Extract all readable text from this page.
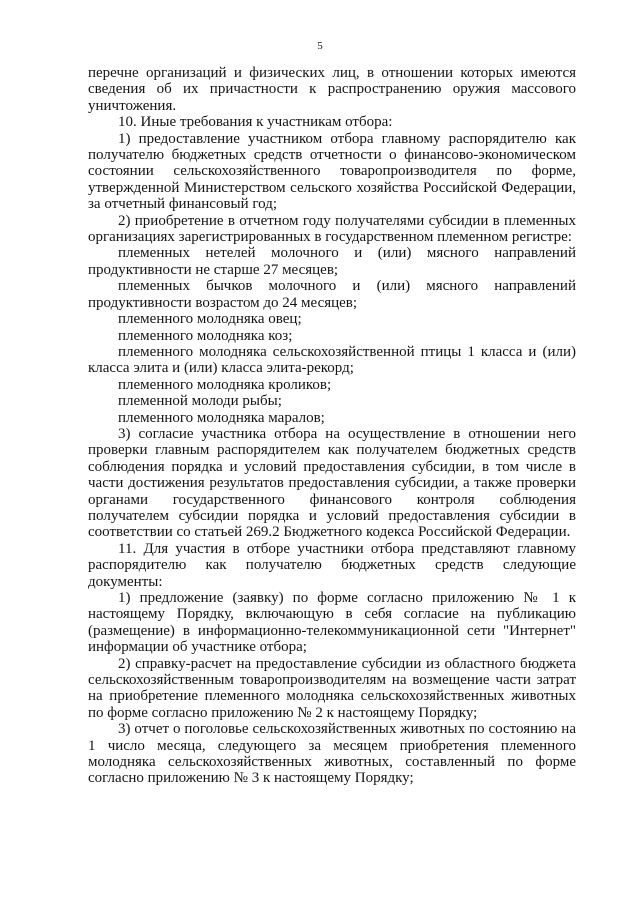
5

перечне организаций и физических лиц, в отношении которых имеются сведения об их причастности к распространению оружия массового уничтожения.

10. Иные требования к участникам отбора:

1) предоставление участником отбора главному распорядителю как получателю бюджетных средств отчетности о финансово-экономическом состоянии сельскохозяйственного товаропроизводителя по форме, утвержденной Министерством сельского хозяйства Российской Федерации, за отчетный финансовый год;

2) приобретение в отчетном году получателями субсидии в племенных организациях зарегистрированных в государственном племенном регистре:

племенных нетелей молочного и (или) мясного направлений продуктивности не старше 27 месяцев;

племенных бычков молочного и (или) мясного направлений продуктивности возрастом до 24 месяцев;

племенного молодняка овец;

племенного молодняка коз;

племенного молодняка сельскохозяйственной птицы 1 класса и (или) класса элита и (или) класса элита-рекорд;

племенного молодняка кроликов;

племенной молоди рыбы;

племенного молодняка маралов;

3) согласие участника отбора на осуществление в отношении него проверки главным распорядителем как получателем бюджетных средств соблюдения порядка и условий предоставления субсидии, в том числе в части достижения результатов предоставления субсидии, а также проверки органами государственного финансового контроля соблюдения получателем субсидии порядка и условий предоставления субсидии в соответствии со статьей 269.2 Бюджетного кодекса Российской Федерации.

11. Для участия в отборе участники отбора представляют главному распорядителю как получателю бюджетных средств следующие документы:

1) предложение (заявку) по форме согласно приложению № 1 к настоящему Порядку, включающую в себя согласие на публикацию (размещение) в информационно-телекоммуникационной сети "Интернет" информации об участнике отбора;

2) справку-расчет на предоставление субсидии из областного бюджета сельскохозяйственным товаропроизводителям на возмещение части затрат на приобретение племенного молодняка сельскохозяйственных животных по форме согласно приложению № 2 к настоящему Порядку;

3) отчет о поголовье сельскохозяйственных животных по состоянию на 1 число месяца, следующего за месяцем приобретения племенного молодняка сельскохозяйственных животных, составленный по форме согласно приложению № 3 к настоящему Порядку;
